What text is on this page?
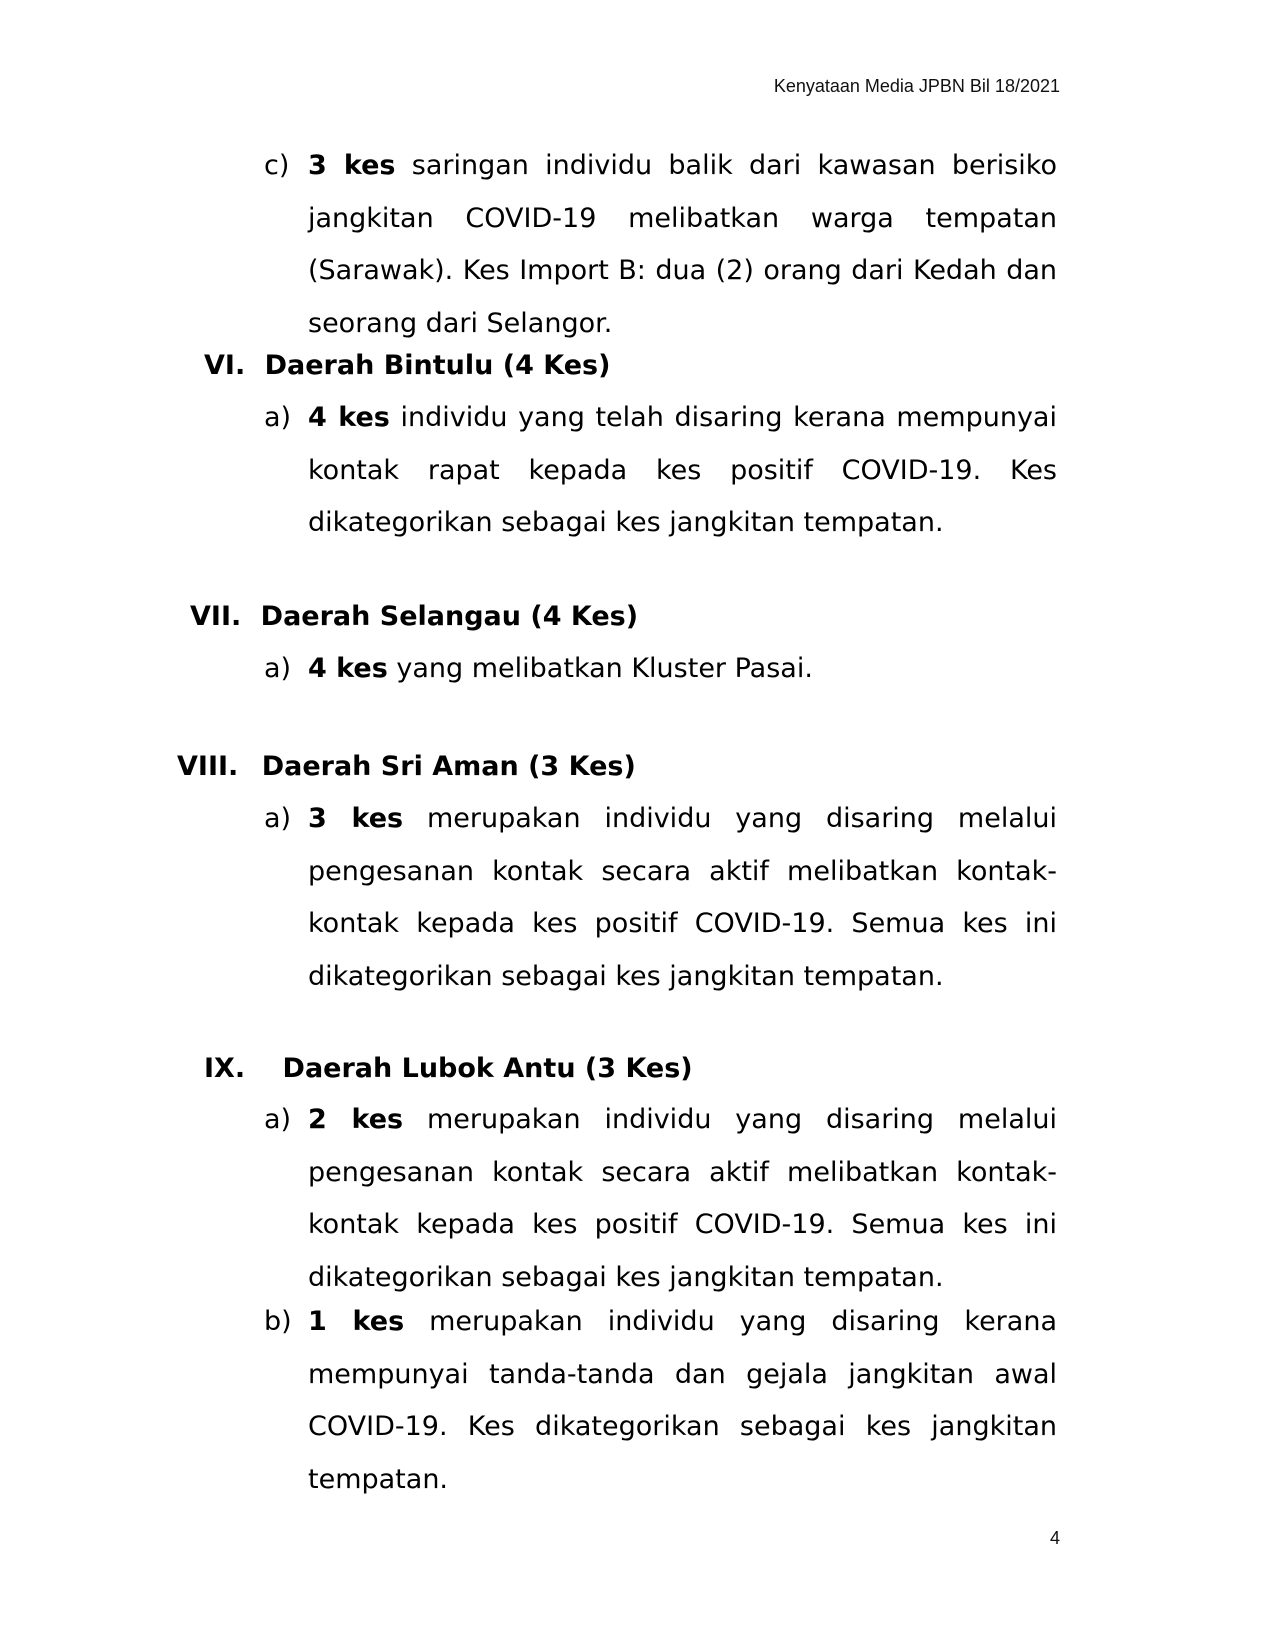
Kenyataan Media JPBN Bil 18/2021
c) 3 kes saringan individu balik dari kawasan berisiko jangkitan COVID-19 melibatkan warga tempatan (Sarawak). Kes Import B: dua (2) orang dari Kedah dan seorang dari Selangor.
VI. Daerah Bintulu (4 Kes)
a) 4 kes individu yang telah disaring kerana mempunyai kontak rapat kepada kes positif COVID-19. Kes dikategorikan sebagai kes jangkitan tempatan.
VII. Daerah Selangau (4 Kes)
a) 4 kes yang melibatkan Kluster Pasai.
VIII. Daerah Sri Aman (3 Kes)
a) 3 kes merupakan individu yang disaring melalui pengesanan kontak secara aktif melibatkan kontak-kontak kepada kes positif COVID-19. Semua kes ini dikategorikan sebagai kes jangkitan tempatan.
IX. Daerah Lubok Antu (3 Kes)
a) 2 kes merupakan individu yang disaring melalui pengesanan kontak secara aktif melibatkan kontak-kontak kepada kes positif COVID-19. Semua kes ini dikategorikan sebagai kes jangkitan tempatan.
b) 1 kes merupakan individu yang disaring kerana mempunyai tanda-tanda dan gejala jangkitan awal COVID-19. Kes dikategorikan sebagai kes jangkitan tempatan.
4
